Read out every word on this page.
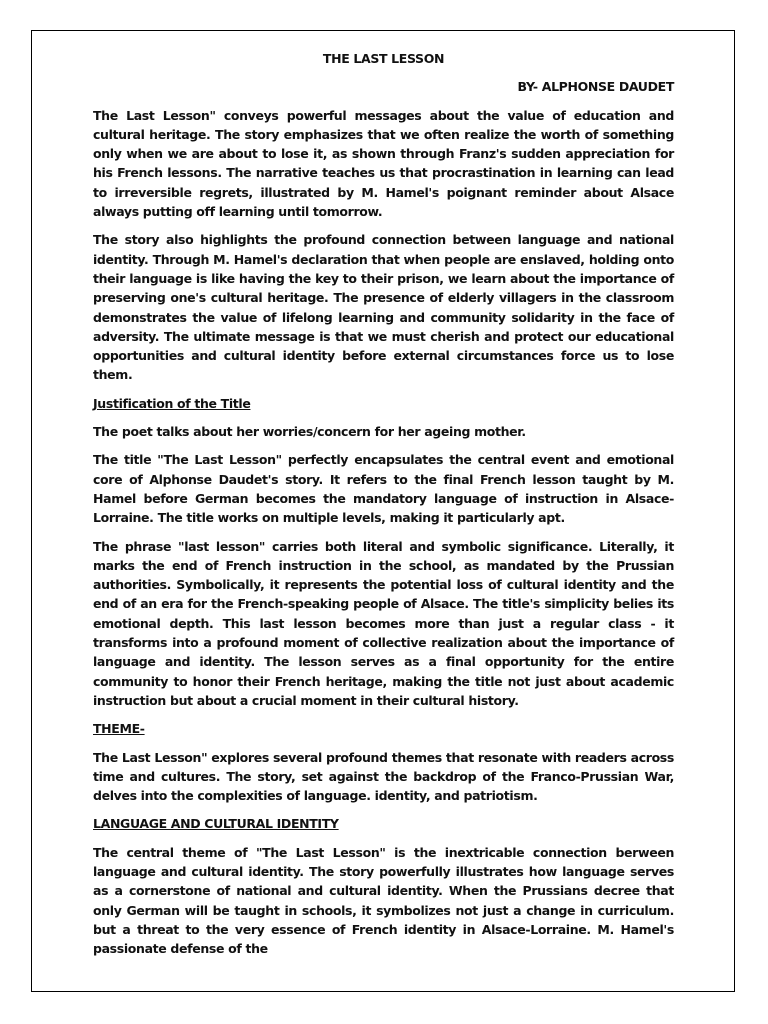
THE LAST LESSON
BY- ALPHONSE DAUDET

The Last Lesson" conveys powerful messages about the value of education and cultural heritage. The story emphasizes that we often realize the worth of something only when we are about to lose it, as shown through Franz's sudden appreciation for his French lessons. The narrative teaches us that procrastination in learning can lead to irreversible regrets, illustrated by M. Hamel's poignant reminder about Alsace always putting off learning until tomorrow.

The story also highlights the profound connection between language and national identity. Through M. Hamel's declaration that when people are enslaved, holding onto their language is like having the key to their prison, we learn about the importance of preserving one's cultural heritage. The presence of elderly villagers in the classroom demonstrates the value of lifelong learning and community solidarity in the face of adversity. The ultimate message is that we must cherish and protect our educational opportunities and cultural identity before external circumstances force us to lose them.

Justification of the Title

The poet talks about her worries/concern for her ageing mother.

The title "The Last Lesson" perfectly encapsulates the central event and emotional core of Alphonse Daudet's story. It refers to the final French lesson taught by M. Hamel before German becomes the mandatory language of instruction in Alsace-Lorraine. The title works on multiple levels, making it particularly apt.

The phrase "last lesson" carries both literal and symbolic significance. Literally, it marks the end of French instruction in the school, as mandated by the Prussian authorities. Symbolically, it represents the potential loss of cultural identity and the end of an era for the French-speaking people of Alsace. The title's simplicity belies its emotional depth. This last lesson becomes more than just a regular class - it transforms into a profound moment of collective realization about the importance of language and identity. The lesson serves as a final opportunity for the entire community to honor their French heritage, making the title not just about academic instruction but about a crucial moment in their cultural history.

THEME-

The Last Lesson" explores several profound themes that resonate with readers across time and cultures. The story, set against the backdrop of the Franco-Prussian War, delves into the complexities of language. identity, and patriotism.

LANGUAGE AND CULTURAL IDENTITY

The central theme of "The Last Lesson" is the inextricable connection berween language and cultural identity. The story powerfully illustrates how language serves as a cornerstone of national and cultural identity. When the Prussians decree that only German will be taught in schools, it symbolizes not just a change in curriculum. but a threat to the very essence of French identity in Alsace-Lorraine. M. Hamel's passionate defense of the
